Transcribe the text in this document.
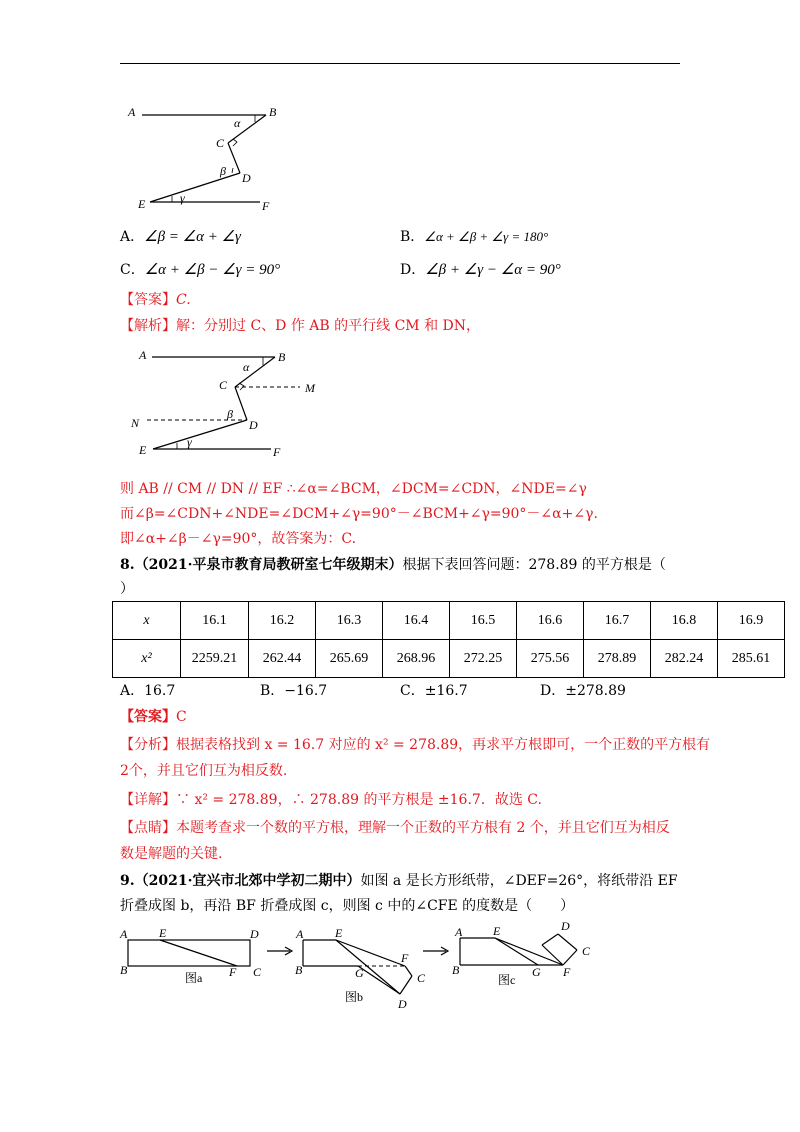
A	B
α
C
β D
γ
E	F
A．∠β = ∠α + ∠γ	B．∠α + ∠β + ∠γ = 180°
C．∠α + ∠β − ∠γ = 90°	D．∠β + ∠γ − ∠α = 90°
【答案】C.
【解析】解：分别过 C、D 作 AB 的平行线 CM 和 DN，
A	B
α
C	M
N
β
D
γ
E	F
则 AB // CM // DN // EF ∴∠α=∠BCM，∠DCM=∠CDN，∠NDE=∠γ
而∠β=∠CDN+∠NDE=∠DCM+∠γ=90°－∠BCM+∠γ=90°－∠α+∠γ.
即∠α+∠β－∠γ=90°，故答案为：C.
8.（2021·平泉市教育局教研室七年级期末）根据下表回答问题：278.89 的平方根是（
）
x	16.1	16.2	16.3	16.4	16.5	16.6	16.7	16.8	16.9
x²	2259.21	262.44	265.69	268.96	272.25	275.56	278.89	282.24	285.61
A．16.7	B．−16.7	C．±16.7	D．±278.89
【答案】C
【分析】根据表格找到 x = 16.7 对应的 x² = 278.89，再求平方根即可，一个正数的平方根有
2个，并且它们互为相反数.
【详解】∵ x² = 278.89，∴ 278.89 的平方根是 ±16.7．故选 C.
【点睛】本题考查求一个数的平方根，理解一个正数的平方根有 2 个，并且它们互为相反
数是解题的关键.
9.（2021·宜兴市北郊中学初二期中）如图 a 是长方形纸带，∠DEF=26°，将纸带沿 EF
折叠成图 b，再沿 BF 折叠成图 c，则图 c 中的∠CFE 的度数是（　　）
A	E	D
B	F C
图a
A	E
F
B	G	C
D
图b
A	E	D
C
B	G F
图c
